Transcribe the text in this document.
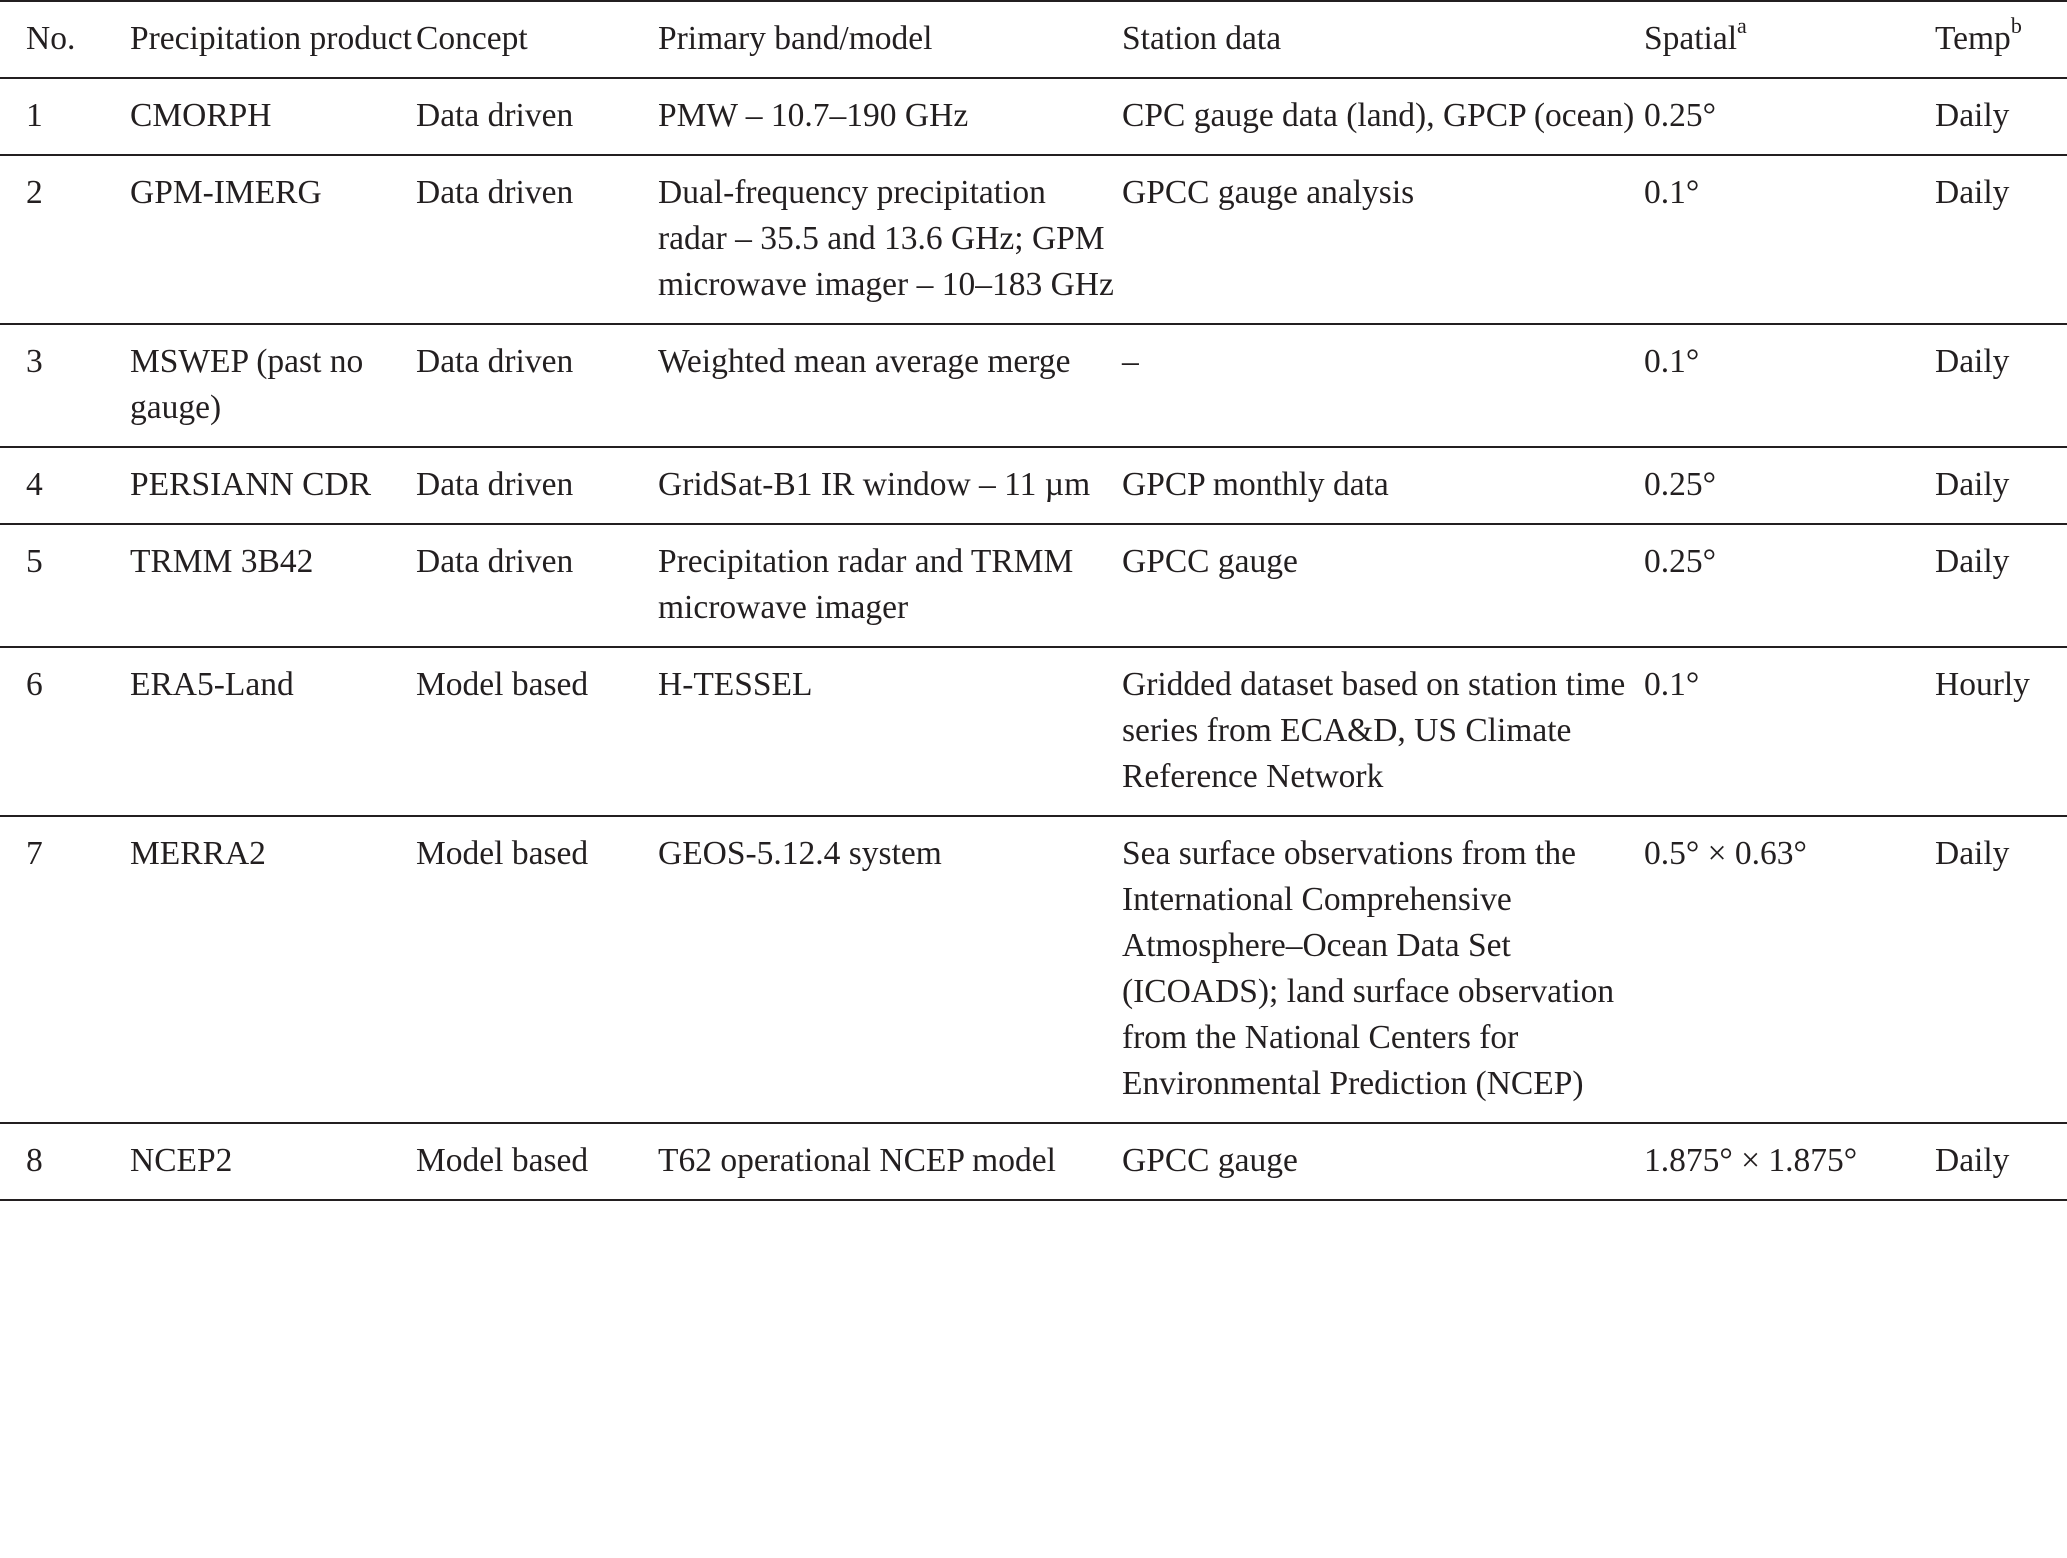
No.	Precipitation product	Concept	Primary band/model	Station data	Spatial$^a$	Temp$^b$
1	CMORPH	Data driven	PMW – 10.7–190 GHz	CPC gauge data (land), GPCP (ocean)	0.25°	Daily
2	GPM-IMERG	Data driven	Dual-frequency precipitation radar – 35.5 and 13.6 GHz; GPM microwave imager – 10–183 GHz	GPCC gauge analysis	0.1°	Daily
3	MSWEP (past no gauge)	Data driven	Weighted mean average merge	–	0.1°	Daily
4	PERSIANN CDR	Data driven	GridSat-B1 IR window – 11 µm	GPCP monthly data	0.25°	Daily
5	TRMM 3B42	Data driven	Precipitation radar and TRMM microwave imager	GPCC gauge	0.25°	Daily
6	ERA5-Land	Model based	H-TESSEL	Gridded dataset based on station time series from ECA&D, US Climate Reference Network	0.1°	Hourly
7	MERRA2	Model based	GEOS-5.12.4 system	Sea surface observations from the International Comprehensive Atmosphere–Ocean Data Set (ICOADS); land surface observation from the National Centers for Environmental Prediction (NCEP)	0.5° × 0.63°	Daily
8	NCEP2	Model based	T62 operational NCEP model	GPCC gauge	1.875° × 1.875°	Daily
